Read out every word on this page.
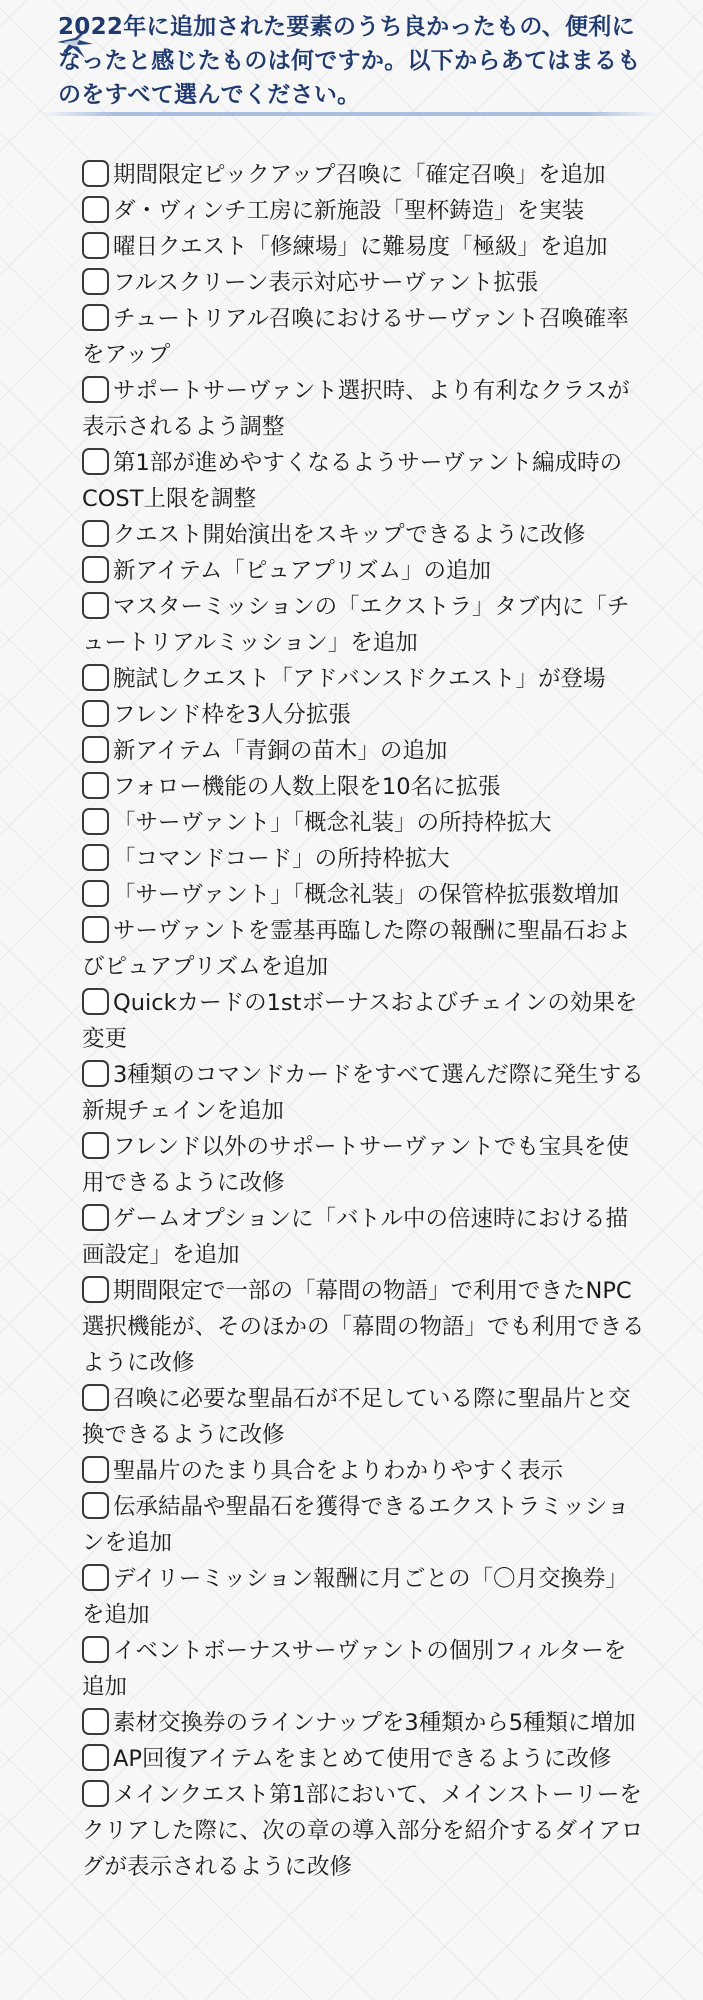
2022年に追加された要素のうち良かったもの、便利になったと感じたものは何ですか。以下からあてはまるものをすべて選んでください。
期間限定ピックアップ召喚に「確定召喚」を追加
ダ・ヴィンチ工房に新施設「聖杯鋳造」を実装
曜日クエスト「修練場」に難易度「極級」を追加
フルスクリーン表示対応サーヴァント拡張
チュートリアル召喚におけるサーヴァント召喚確率をアップ
サポートサーヴァント選択時、より有利なクラスが表示されるよう調整
第1部が進めやすくなるようサーヴァント編成時のCOST上限を調整
クエスト開始演出をスキップできるように改修
新アイテム「ピュアプリズム」の追加
マスターミッションの「エクストラ」タブ内に「チュートリアルミッション」を追加
腕試しクエスト「アドバンスドクエスト」が登場
フレンド枠を3人分拡張
新アイテム「青銅の苗木」の追加
フォロー機能の人数上限を10名に拡張
「サーヴァント」「概念礼装」の所持枠拡大
「コマンドコード」の所持枠拡大
「サーヴァント」「概念礼装」の保管枠拡張数増加
サーヴァントを霊基再臨した際の報酬に聖晶石およびピュアプリズムを追加
Quickカードの1stボーナスおよびチェインの効果を変更
3種類のコマンドカードをすべて選んだ際に発生する新規チェインを追加
フレンド以外のサポートサーヴァントでも宝具を使用できるように改修
ゲームオプションに「バトル中の倍速時における描画設定」を追加
期間限定で一部の「幕間の物語」で利用できたNPC選択機能が、そのほかの「幕間の物語」でも利用できるように改修
召喚に必要な聖晶石が不足している際に聖晶片と交換できるように改修
聖晶片のたまり具合をよりわかりやすく表示
伝承結晶や聖晶石を獲得できるエクストラミッションを追加
デイリーミッション報酬に月ごとの「〇月交換券」を追加
イベントボーナスサーヴァントの個別フィルターを追加
素材交換券のラインナップを3種類から5種類に増加
AP回復アイテムをまとめて使用できるように改修
メインクエスト第1部において、メインストーリーをクリアした際に、次の章の導入部分を紹介するダイアログが表示されるように改修
